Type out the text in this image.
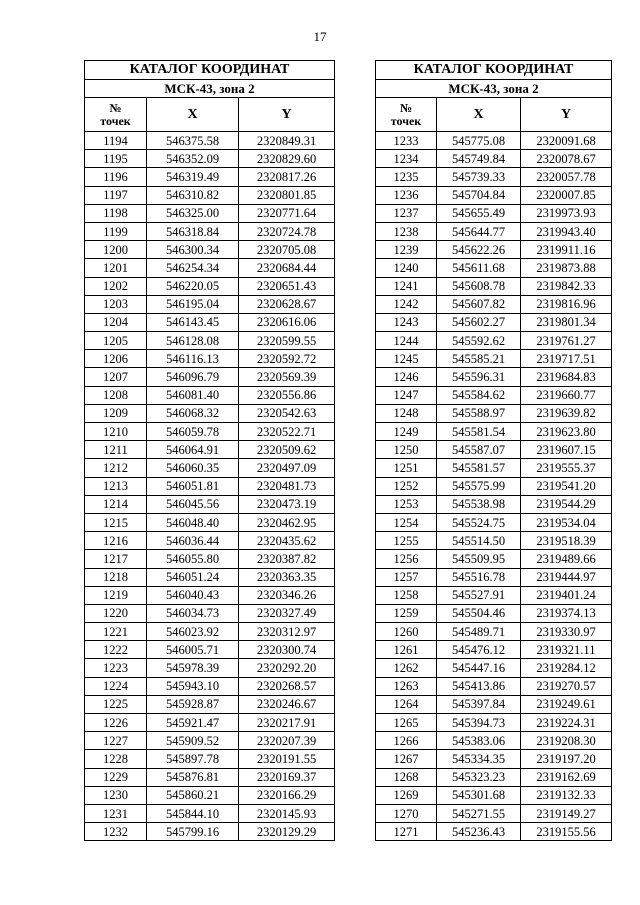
17
КАТАЛОГ КООРДИНАТ		
МСК-43, зона 2		
№
точек	X	Y
1194	546375.58	2320849.31
1195	546352.09	2320829.60
1196	546319.49	2320817.26
1197	546310.82	2320801.85
1198	546325.00	2320771.64
1199	546318.84	2320724.78
1200	546300.34	2320705.08
1201	546254.34	2320684.44
1202	546220.05	2320651.43
1203	546195.04	2320628.67
1204	546143.45	2320616.06
1205	546128.08	2320599.55
1206	546116.13	2320592.72
1207	546096.79	2320569.39
1208	546081.40	2320556.86
1209	546068.32	2320542.63
1210	546059.78	2320522.71
1211	546064.91	2320509.62
1212	546060.35	2320497.09
1213	546051.81	2320481.73
1214	546045.56	2320473.19
1215	546048.40	2320462.95
1216	546036.44	2320435.62
1217	546055.80	2320387.82
1218	546051.24	2320363.35
1219	546040.43	2320346.26
1220	546034.73	2320327.49
1221	546023.92	2320312.97
1222	546005.71	2320300.74
1223	545978.39	2320292.20
1224	545943.10	2320268.57
1225	545928.87	2320246.67
1226	545921.47	2320217.91
1227	545909.52	2320207.39
1228	545897.78	2320191.55
1229	545876.81	2320169.37
1230	545860.21	2320166.29
1231	545844.10	2320145.93
1232	545799.16	2320129.29
КАТАЛОГ КООРДИНАТ		
МСК-43, зона 2		
№
точек	X	Y
1233	545775.08	2320091.68
1234	545749.84	2320078.67
1235	545739.33	2320057.78
1236	545704.84	2320007.85
1237	545655.49	2319973.93
1238	545644.77	2319943.40
1239	545622.26	2319911.16
1240	545611.68	2319873.88
1241	545608.78	2319842.33
1242	545607.82	2319816.96
1243	545602.27	2319801.34
1244	545592.62	2319761.27
1245	545585.21	2319717.51
1246	545596.31	2319684.83
1247	545584.62	2319660.77
1248	545588.97	2319639.82
1249	545581.54	2319623.80
1250	545587.07	2319607.15
1251	545581.57	2319555.37
1252	545575.99	2319541.20
1253	545538.98	2319544.29
1254	545524.75	2319534.04
1255	545514.50	2319518.39
1256	545509.95	2319489.66
1257	545516.78	2319444.97
1258	545527.91	2319401.24
1259	545504.46	2319374.13
1260	545489.71	2319330.97
1261	545476.12	2319321.11
1262	545447.16	2319284.12
1263	545413.86	2319270.57
1264	545397.84	2319249.61
1265	545394.73	2319224.31
1266	545383.06	2319208.30
1267	545334.35	2319197.20
1268	545323.23	2319162.69
1269	545301.68	2319132.33
1270	545271.55	2319149.27
1271	545236.43	2319155.56
